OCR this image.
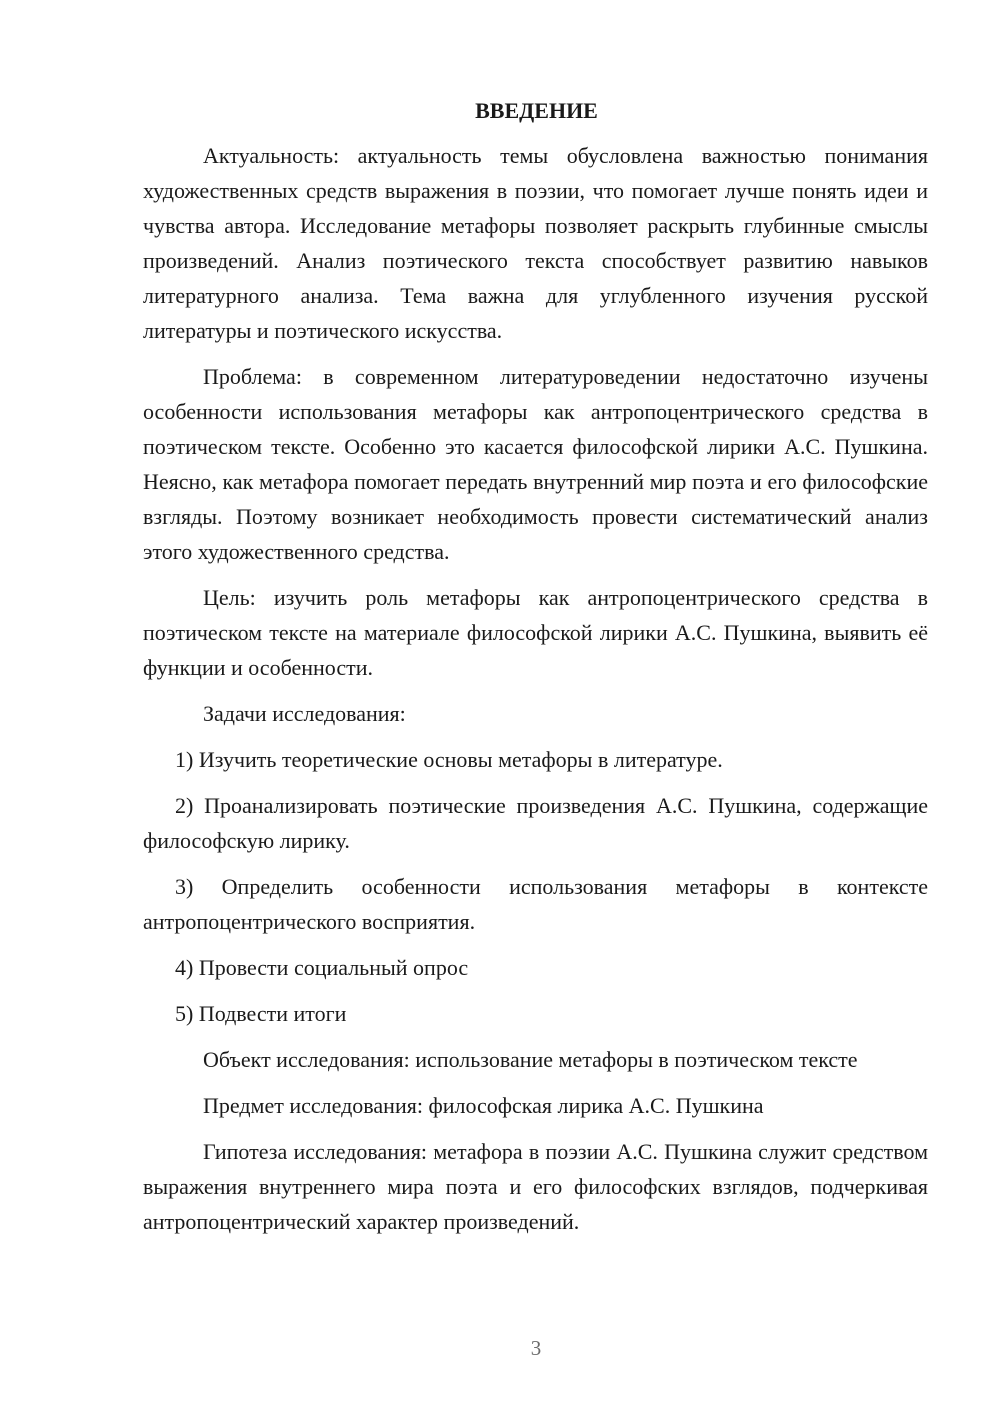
ВВЕДЕНИЕ

Актуальность: актуальность темы обусловлена важностью понимания художественных средств выражения в поэзии, что помогает лучше понять идеи и чувства автора. Исследование метафоры позволяет раскрыть глубинные смыслы произведений. Анализ поэтического текста способствует развитию навыков литературного анализа. Тема важна для углубленного изучения русской литературы и поэтического искусства.

Проблема: в современном литературоведении недостаточно изучены особенности использования метафоры как антропоцентрического средства в поэтическом тексте. Особенно это касается философской лирики А.С. Пушкина. Неясно, как метафора помогает передать внутренний мир поэта и его философские взгляды. Поэтому возникает необходимость провести систематический анализ этого художественного средства.

Цель: изучить роль метафоры как антропоцентрического средства в поэтическом тексте на материале философской лирики А.С. Пушкина, выявить её функции и особенности.

Задачи исследования:

1) Изучить теоретические основы метафоры в литературе.

2) Проанализировать поэтические произведения А.С. Пушкина, содержащие философскую лирику.

3) Определить особенности использования метафоры в контексте антропоцентрического восприятия.

4) Провести социальный опрос

5) Подвести итоги

Объект исследования: использование метафоры в поэтическом тексте

Предмет исследования: философская лирика А.С. Пушкина

Гипотеза исследования: метафора в поэзии А.С. Пушкина служит средством выражения внутреннего мира поэта и его философских взглядов, подчеркивая антропоцентрический характер произведений.

3
